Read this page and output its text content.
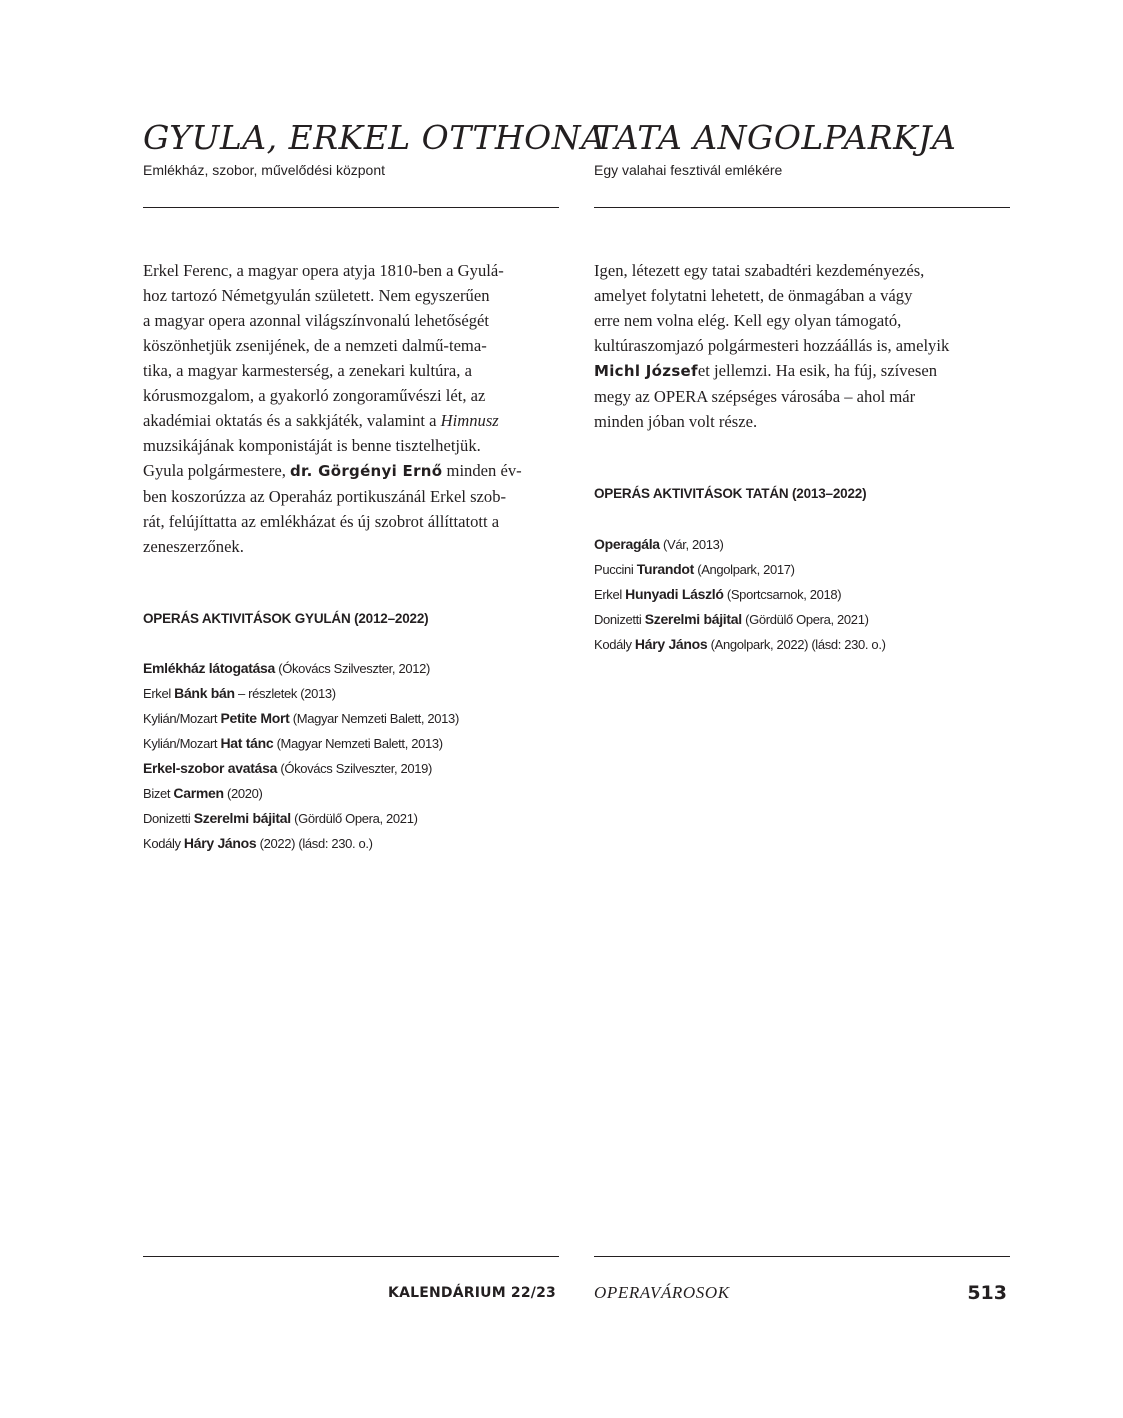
GYULA, ERKEL OTTHONA

Emlékház, szobor, művelődési központ

Erkel Ferenc, a magyar opera atyja 1810-ben a Gyulá-
hoz tartozó Németgyulán született. Nem egyszerűen
a magyar opera azonnal világszínvonalú lehetőségét
köszönhetjük zsenijének, de a nemzeti dalmű-tema-
tika, a magyar karmesterség, a zenekari kultúra, a
kórusmozgalom, a gyakorló zongoraművészi lét, az
akadémiai oktatás és a sakkjáték, valamint a Himnusz
muzsikájának komponistáját is benne tisztelhetjük.
Gyula polgármestere, dr. Görgényi Ernő minden év-
ben koszorúzza az Operaház portikuszánál Erkel szob-
rát, felújíttatta az emlékházat és új szobrot állíttatott a
zeneszerzőnek.

OPERÁS AKTIVITÁSOK GYULÁN (2012–2022)
Emlékház látogatása (Ókovács Szilveszter, 2012)
Erkel Bánk bán – részletek (2013)
Kylián/Mozart Petite Mort (Magyar Nemzeti Balett, 2013)
Kylián/Mozart Hat tánc (Magyar Nemzeti Balett, 2013)
Erkel-szobor avatása (Ókovács Szilveszter, 2019)
Bizet Carmen (2020)
Donizetti Szerelmi bájital (Gördülő Opera, 2021)
Kodály Háry János (2022) (lásd: 230. o.)
TATA ANGOLPARKJA

Egy valahai fesztivál emlékére

Igen, létezett egy tatai szabadtéri kezdeményezés,
amelyet folytatni lehetett, de önmagában a vágy
erre nem volna elég. Kell egy olyan támogató,
kultúraszomjazó polgármesteri hozzáállás is, amelyik
Michl Józsefet jellemzi. Ha esik, ha fúj, szívesen
megy az OPERA szépséges városába – ahol már
minden jóban volt része.

OPERÁS AKTIVITÁSOK TATÁN (2013–2022)
Operagála (Vár, 2013)
Puccini Turandot (Angolpark, 2017)
Erkel Hunyadi László (Sportcsarnok, 2018)
Donizetti Szerelmi bájital (Gördülő Opera, 2021)
Kodály Háry János (Angolpark, 2022) (lásd: 230. o.)
KALENDÁRIUM 22/23 OPERAVÁROSOK	513
